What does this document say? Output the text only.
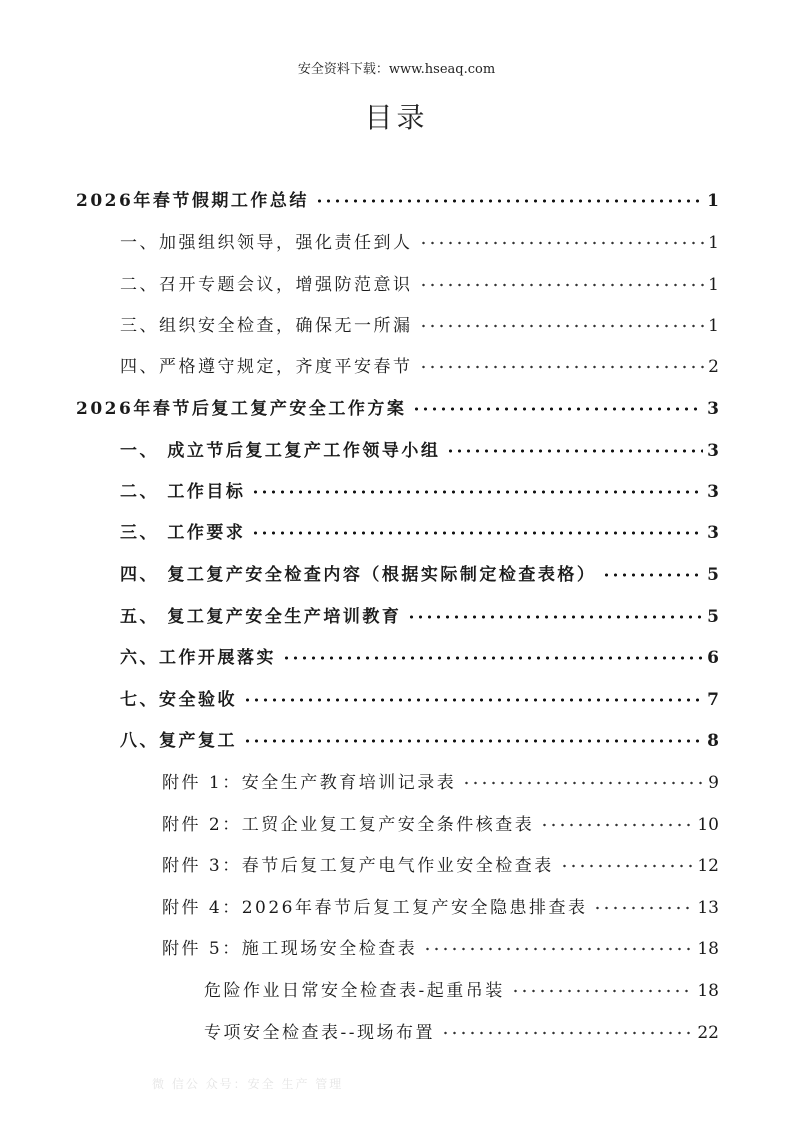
安全资料下载：www.hseaq.com
目录
2026年春节假期工作总结	1
一、加强组织领导，强化责任到人	1
二、召开专题会议，增强防范意识	1
三、组织安全检查，确保无一所漏	1
四、严格遵守规定，齐度平安春节	2
2026年春节后复工复产安全工作方案	3
一、 成立节后复工复产工作领导小组	3
二、 工作目标	3
三、 工作要求	3
四、 复工复产安全检查内容（根据实际制定检查表格）	5
五、 复工复产安全生产培训教育	5
六、工作开展落实	6
七、安全验收	7
八、复产复工	8
附件 1：安全生产教育培训记录表	9
附件 2：工贸企业复工复产安全条件核查表	10
附件 3：春节后复工复产电气作业安全检查表	12
附件 4：2026年春节后复工复产安全隐患排查表	13
附件 5：施工现场安全检查表	18
危险作业日常安全检查表-起重吊装	18
专项安全检查表--现场布置	22
微 信公 众号：安全 生产 管理
